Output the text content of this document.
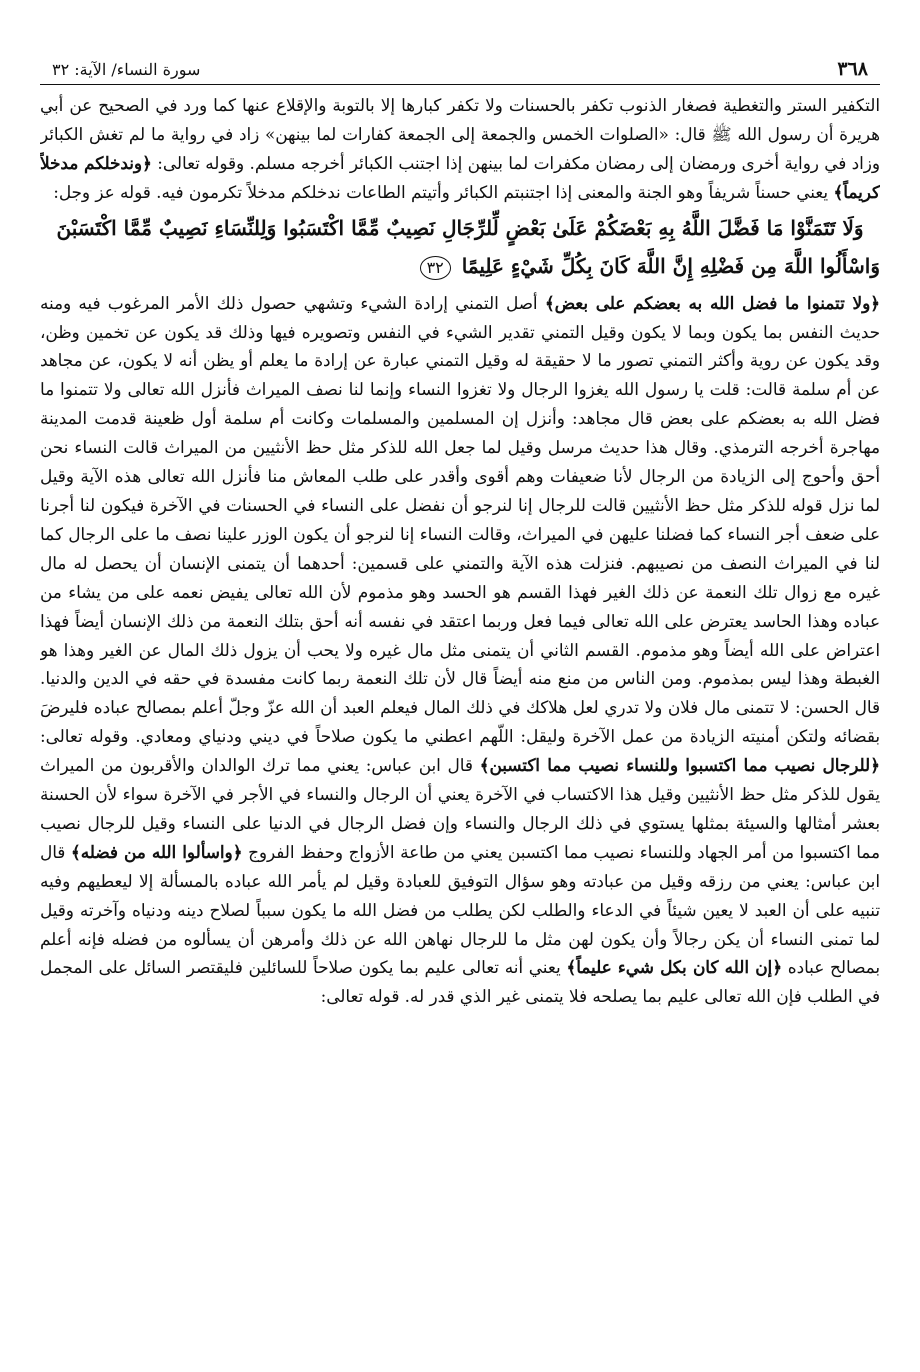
٣٦٨
سورة النساء/ الآية: ٣٢

التكفير الستر والتغطية فصغار الذنوب تكفر بالحسنات ولا تكفر كبارها إلا بالتوبة والإقلاع عنها كما ورد في الصحيح عن أبي هريرة أن رسول الله ﷺ قال: «الصلوات الخمس والجمعة إلى الجمعة كفارات لما بينهن» زاد في رواية ما لم تغش الكبائر وزاد في رواية أخرى ورمضان إلى رمضان مكفرات لما بينهن إذا اجتنب الكبائر أخرجه مسلم. وقوله تعالى: ﴿وندخلكم مدخلاً كريماً﴾ يعني حسناً شريفاً وهو الجنة والمعنى إذا اجتنبتم الكبائر وأتيتم الطاعات ندخلكم مدخلاً تكرمون فيه. قوله عز وجل:

وَلَا تَتَمَنَّوْا مَا فَضَّلَ اللَّهُ بِهِ بَعْضَكُمْ عَلَىٰ بَعْضٍ لِّلرِّجَالِ نَصِيبٌ مِّمَّا اكْتَسَبُوا وَلِلنِّسَاءِ نَصِيبٌ مِّمَّا اكْتَسَبْنَ وَاسْأَلُوا اللَّهَ مِن فَضْلِهِ إِنَّ اللَّهَ كَانَ بِكُلِّ شَيْءٍ عَلِيمًا ٣٢

﴿ولا تتمنوا ما فضل الله به بعضكم على بعض﴾ أصل التمني إرادة الشيء وتشهي حصول ذلك الأمر المرغوب فيه ومنه حديث النفس بما يكون وبما لا يكون وقيل التمني تقدير الشيء في النفس وتصويره فيها وذلك قد يكون عن تخمين وظن، وقد يكون عن روية وأكثر التمني تصور ما لا حقيقة له وقيل التمني عبارة عن إرادة ما يعلم أو يظن أنه لا يكون، عن مجاهد عن أم سلمة قالت: قلت يا رسول الله يغزوا الرجال ولا تغزوا النساء وإنما لنا نصف الميراث فأنزل الله تعالى ولا تتمنوا ما فضل الله به بعضكم على بعض قال مجاهد: وأنزل إن المسلمين والمسلمات وكانت أم سلمة أول ظعينة قدمت المدينة مهاجرة أخرجه الترمذي. وقال هذا حديث مرسل وقيل لما جعل الله للذكر مثل حظ الأنثيين من الميراث قالت النساء نحن أحق وأحوج إلى الزيادة من الرجال لأنا ضعيفات وهم أقوى وأقدر على طلب المعاش منا فأنزل الله تعالى هذه الآية وقيل لما نزل قوله للذكر مثل حظ الأنثيين قالت للرجال إنا لنرجو أن نفضل على النساء في الحسنات في الآخرة فيكون لنا أجرنا على ضعف أجر النساء كما فضلنا عليهن في الميراث، وقالت النساء إنا لنرجو أن يكون الوزر علينا نصف ما على الرجال كما لنا في الميراث النصف من نصيبهم. فنزلت هذه الآية والتمني على قسمين: أحدهما أن يتمنى الإنسان أن يحصل له مال غيره مع زوال تلك النعمة عن ذلك الغير فهذا القسم هو الحسد وهو مذموم لأن الله تعالى يفيض نعمه على من يشاء من عباده وهذا الحاسد يعترض على الله تعالى فيما فعل وربما اعتقد في نفسه أنه أحق بتلك النعمة من ذلك الإنسان أيضاً فهذا اعتراض على الله أيضاً وهو مذموم. القسم الثاني أن يتمنى مثل مال غيره ولا يحب أن يزول ذلك المال عن الغير وهذا هو الغبطة وهذا ليس بمذموم. ومن الناس من منع منه أيضاً قال لأن تلك النعمة ربما كانت مفسدة في حقه في الدين والدنيا. قال الحسن: لا تتمنى مال فلان ولا تدري لعل هلاكك في ذلك المال فيعلم العبد أن الله عزّ وجلّ أعلم بمصالح عباده فليرضَ بقضائه ولتكن أمنيته الزيادة من عمل الآخرة وليقل: اللّهم اعطني ما يكون صلاحاً في ديني ودنياي ومعادي. وقوله تعالى: ﴿للرجال نصيب مما اكتسبوا وللنساء نصيب مما اكتسبن﴾ قال ابن عباس: يعني مما ترك الوالدان والأقربون من الميراث يقول للذكر مثل حظ الأنثيين وقيل هذا الاكتساب في الآخرة يعني أن الرجال والنساء في الأجر في الآخرة سواء لأن الحسنة بعشر أمثالها والسيئة بمثلها يستوي في ذلك الرجال والنساء وإن فضل الرجال في الدنيا على النساء وقيل للرجال نصيب مما اكتسبوا من أمر الجهاد وللنساء نصيب مما اكتسبن يعني من طاعة الأزواج وحفظ الفروج ﴿واسألوا الله من فضله﴾ قال ابن عباس: يعني من رزقه وقيل من عبادته وهو سؤال التوفيق للعبادة وقيل لم يأمر الله عباده بالمسألة إلا ليعطيهم وفيه تنبيه على أن العبد لا يعين شيئاً في الدعاء والطلب لكن يطلب من فضل الله ما يكون سبباً لصلاح دينه ودنياه وآخرته وقيل لما تمنى النساء أن يكن رجالاً وأن يكون لهن مثل ما للرجال نهاهن الله عن ذلك وأمرهن أن يسألوه من فضله فإنه أعلم بمصالح عباده ﴿إن الله كان بكل شيء عليماً﴾ يعني أنه تعالى عليم بما يكون صلاحاً للسائلين فليقتصر السائل على المجمل في الطلب فإن الله تعالى عليم بما يصلحه فلا يتمنى غير الذي قدر له. قوله تعالى:
